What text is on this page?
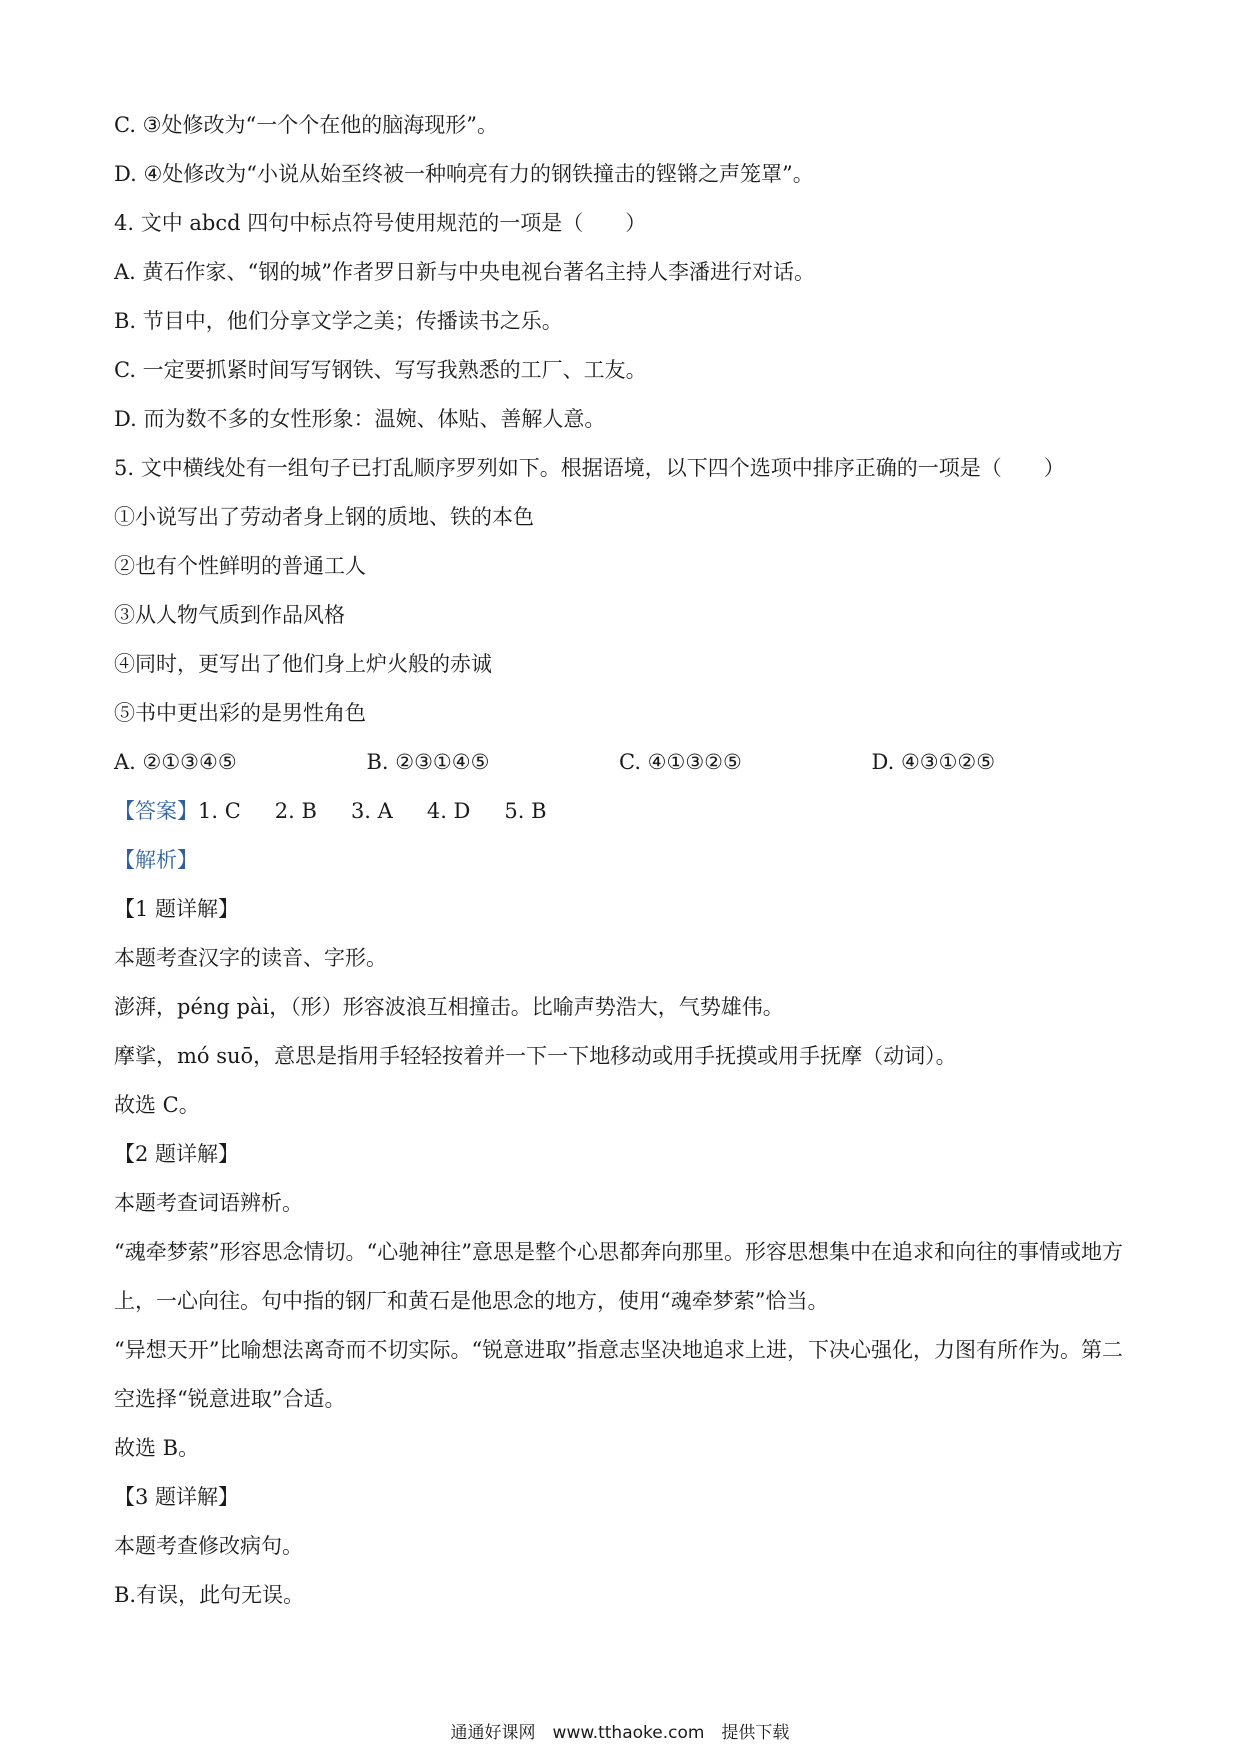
C. ③处修改为“一个个在他的脑海现形”。
D. ④处修改为“小说从始至终被一种响亮有力的钢铁撞击的铿锵之声笼罩”。
4. 文中 abcd 四句中标点符号使用规范的一项是（　　）
A. 黄石作家、“钢的城”作者罗日新与中央电视台著名主持人李潘进行对话。
B. 节目中，他们分享文学之美；传播读书之乐。
C. 一定要抓紧时间写写钢铁、写写我熟悉的工厂、工友。
D. 而为数不多的女性形象：温婉、体贴、善解人意。
5. 文中横线处有一组句子已打乱顺序罗列如下。根据语境，以下四个选项中排序正确的一项是（　　）
①小说写出了劳动者身上钢的质地、铁的本色
②也有个性鲜明的普通工人
③从人物气质到作品风格
④同时，更写出了他们身上炉火般的赤诚
⑤书中更出彩的是男性角色
A. ②①③④⑤	B. ②③①④⑤	C. ④①③②⑤	D. ④③①②⑤
【答案】1. C 2. B 3. A 4. D 5. B
【解析】
【1 题详解】
本题考查汉字的读音、字形。
澎湃，péng pài，（形）形容波浪互相撞击。比喻声势浩大，气势雄伟。
摩挲，mó suō，意思是指用手轻轻按着并一下一下地移动或用手抚摸或用手抚摩（动词）。
故选 C。
【2 题详解】
本题考查词语辨析。
“魂牵梦萦”形容思念情切。“心驰神往”意思是整个心思都奔向那里。形容思想集中在追求和向往的事情或地方上，一心向往。句中指的钢厂和黄石是他思念的地方，使用“魂牵梦萦”恰当。
“异想天开”比喻想法离奇而不切实际。“锐意进取”指意志坚决地追求上进，下决心强化，力图有所作为。第二空选择“锐意进取”合适。
故选 B。
【3 题详解】
本题考查修改病句。
B.有误，此句无误。
通通好课网　www.tthaoke.com　提供下载
